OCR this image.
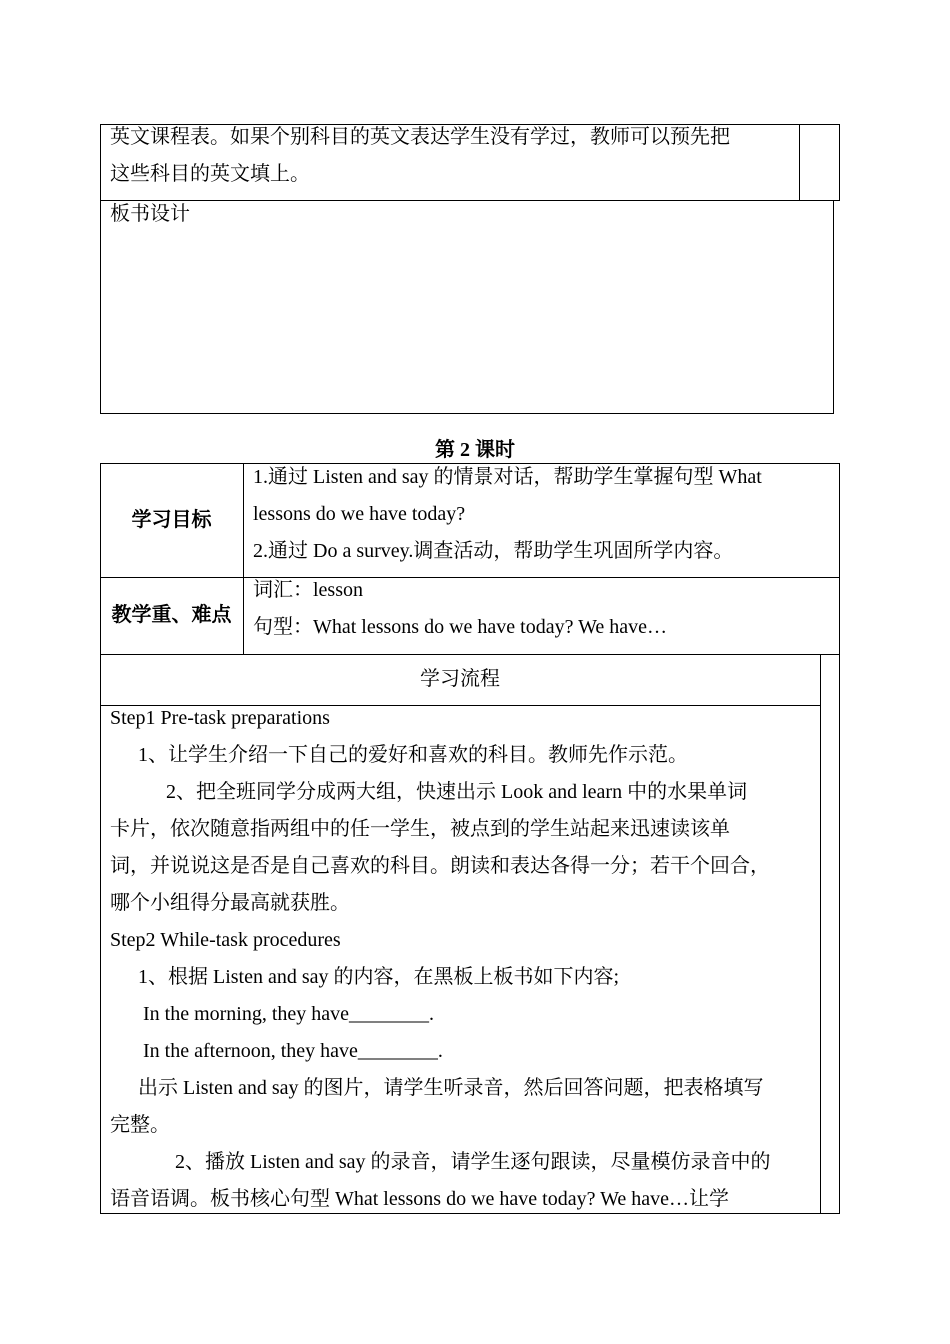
英文课程表。如果个别科目的英文表达学生没有学过，教师可以预先把
这些科目的英文填上。
板书设计
第 2 课时
学习目标
1.通过 Listen and say 的情景对话，帮助学生掌握句型 What
lessons do we have today?
2.通过 Do a survey.调查活动，帮助学生巩固所学内容。
教学重、难点
词汇：lesson
句型：What lessons do we have today? We have…
学习流程
Step1 Pre-task preparations
1、让学生介绍一下自己的爱好和喜欢的科目。教师先作示范。
2、把全班同学分成两大组，快速出示 Look and learn 中的水果单词
卡片，依次随意指两组中的任一学生，被点到的学生站起来迅速读该单
词，并说说这是否是自己喜欢的科目。朗读和表达各得一分；若干个回合，
哪个小组得分最高就获胜。
Step2 While-task procedures
1、根据 Listen and say 的内容，在黑板上板书如下内容;
In the morning, they have________.
In the afternoon, they have________.
出示 Listen and say 的图片，请学生听录音，然后回答问题，把表格填写
完整。
2、播放 Listen and say 的录音，请学生逐句跟读，尽量模仿录音中的
语音语调。板书核心句型 What lessons do we have today? We have…让学
